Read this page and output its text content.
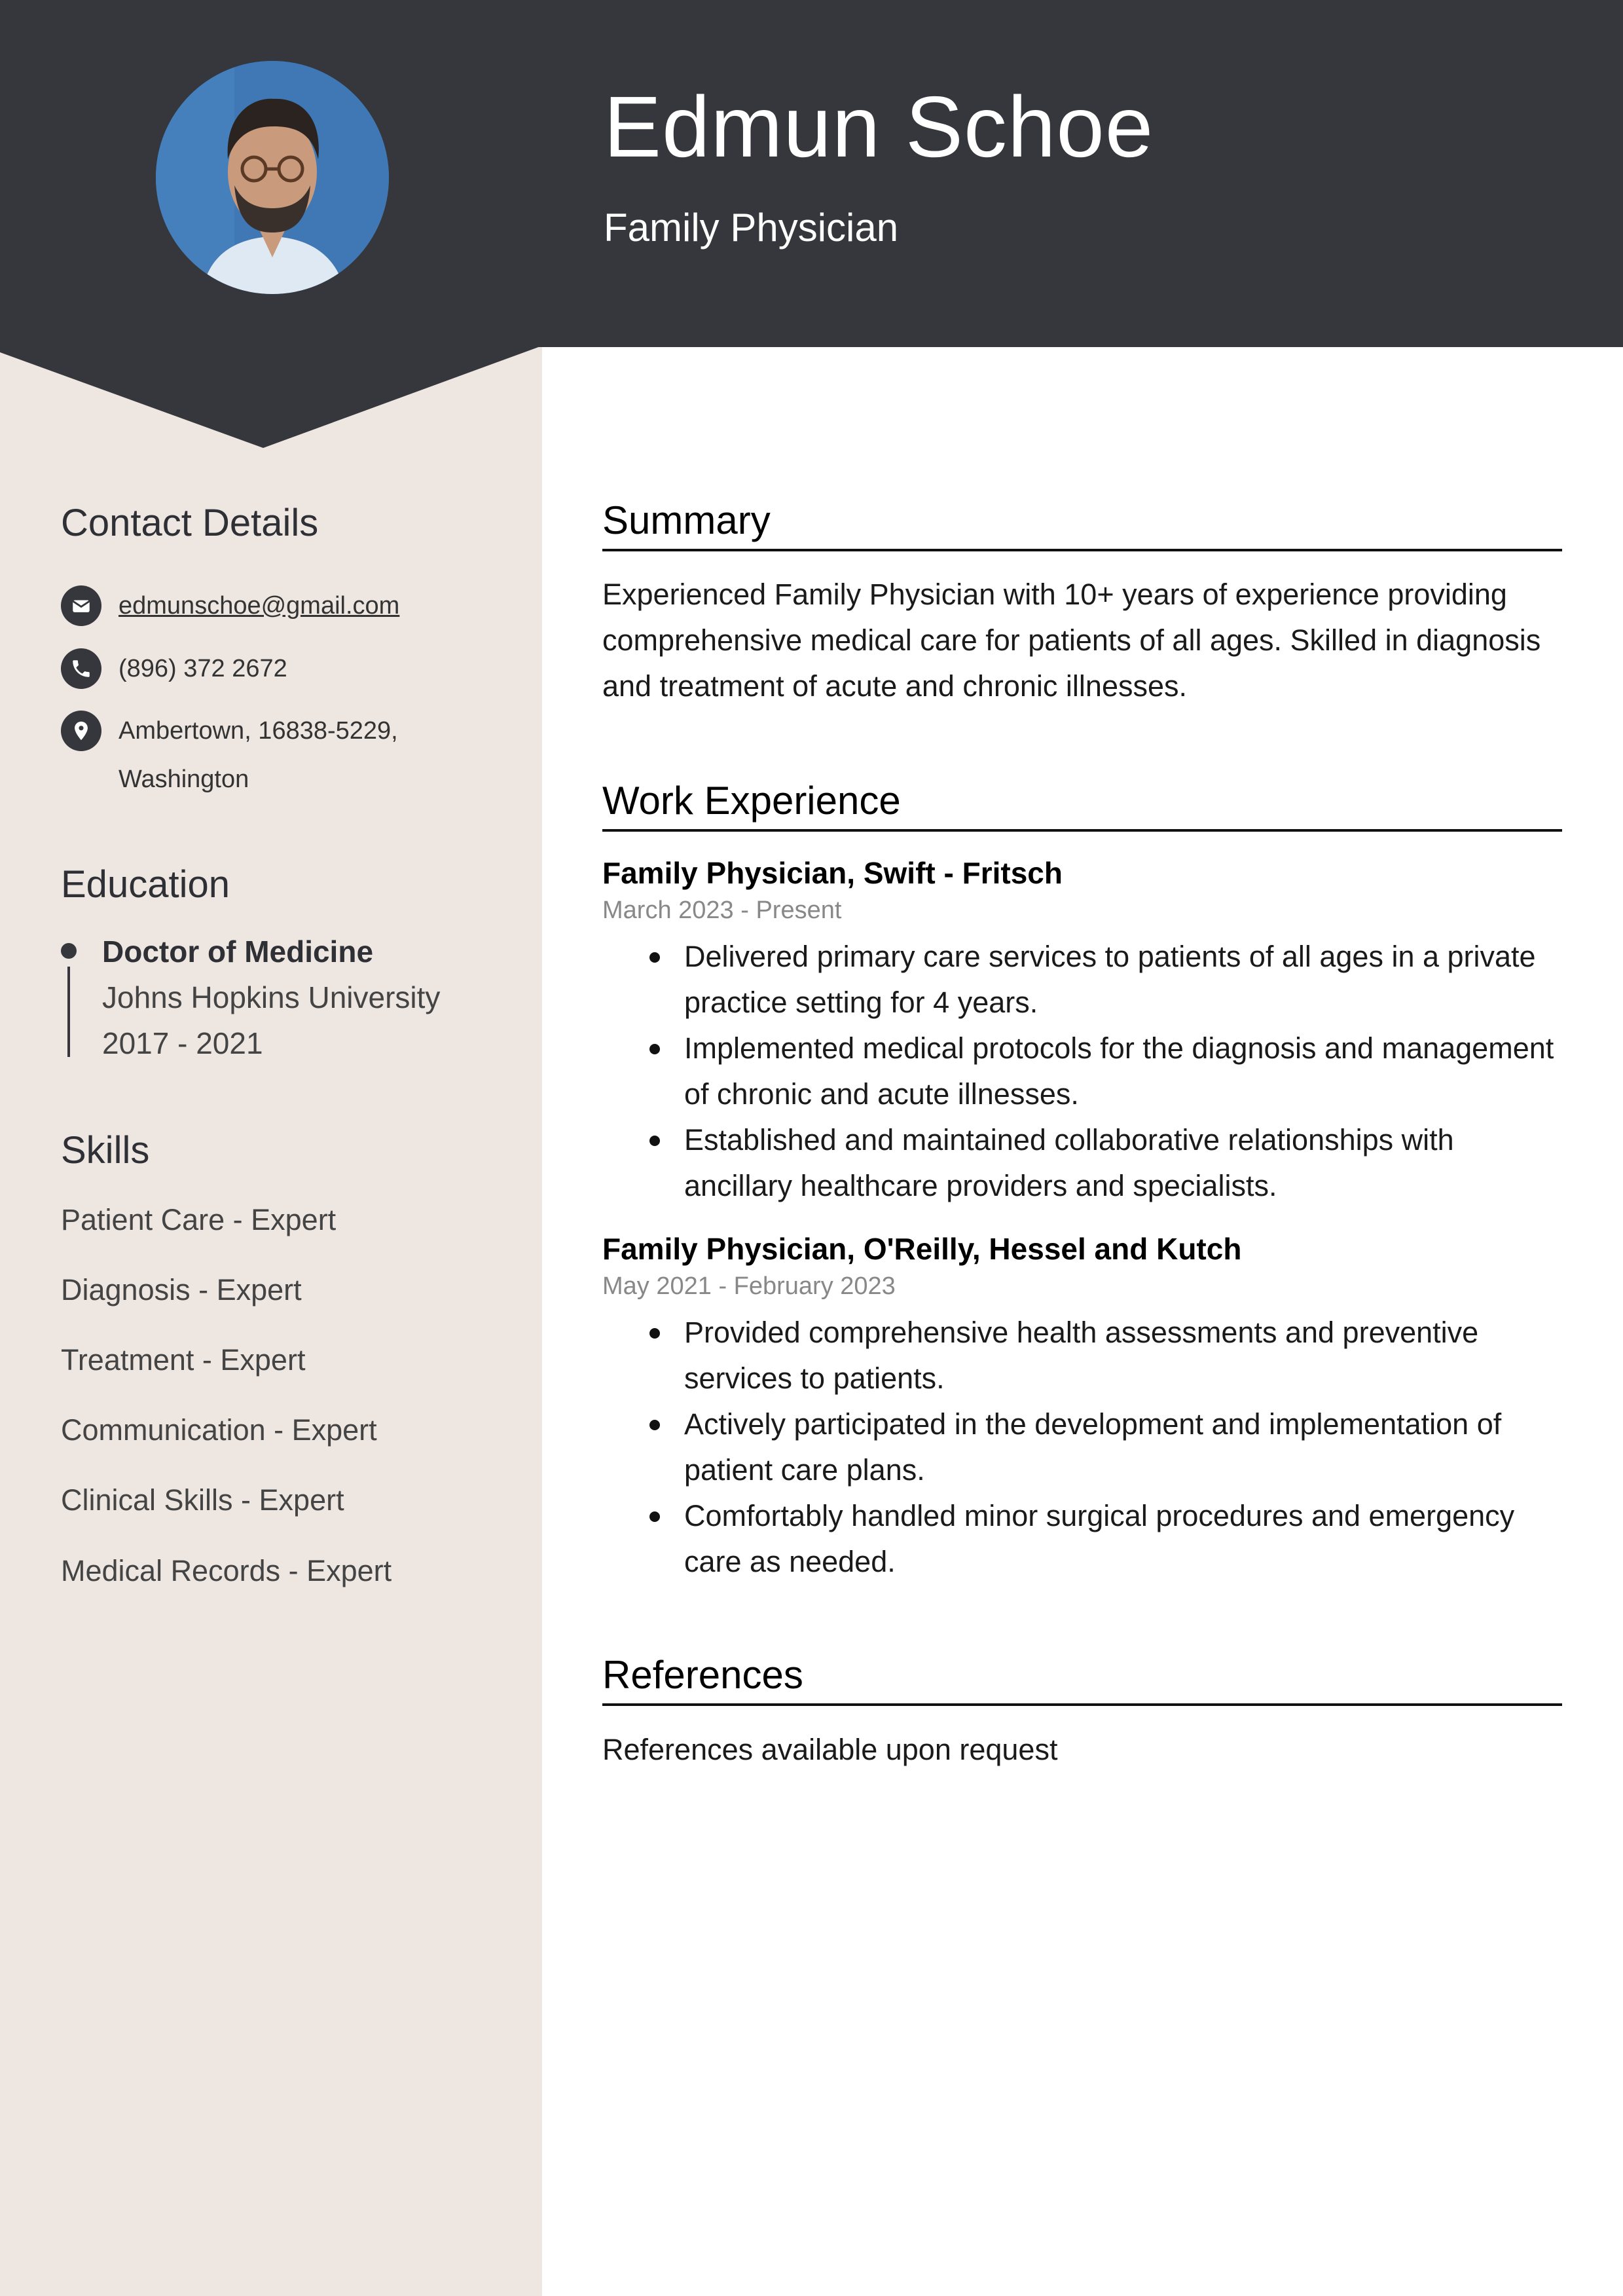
Edmun Schoe
Family Physician
Contact Details
edmunschoe@gmail.com
(896) 372 2672
Ambertown, 16838-5229,
Washington
Education
Doctor of Medicine
Johns Hopkins University
2017 - 2021
Skills
Patient Care - Expert
Diagnosis - Expert
Treatment - Expert
Communication - Expert
Clinical Skills - Expert
Medical Records - Expert
Summary

Experienced Family Physician with 10+ years of experience providing comprehensive medical care for patients of all ages. Skilled in diagnosis and treatment of acute and chronic illnesses.

Work Experience
Family Physician, Swift - Fritsch
March 2023 - Present
Delivered primary care services to patients of all ages in a private practice setting for 4 years.
Implemented medical protocols for the diagnosis and management of chronic and acute illnesses.
Established and maintained collaborative relationships with ancillary healthcare providers and specialists.
Family Physician, O'Reilly, Hessel and Kutch
May 2021 - February 2023
Provided comprehensive health assessments and preventive services to patients.
Actively participated in the development and implementation of patient care plans.
Comfortably handled minor surgical procedures and emergency care as needed.
References
References available upon request
